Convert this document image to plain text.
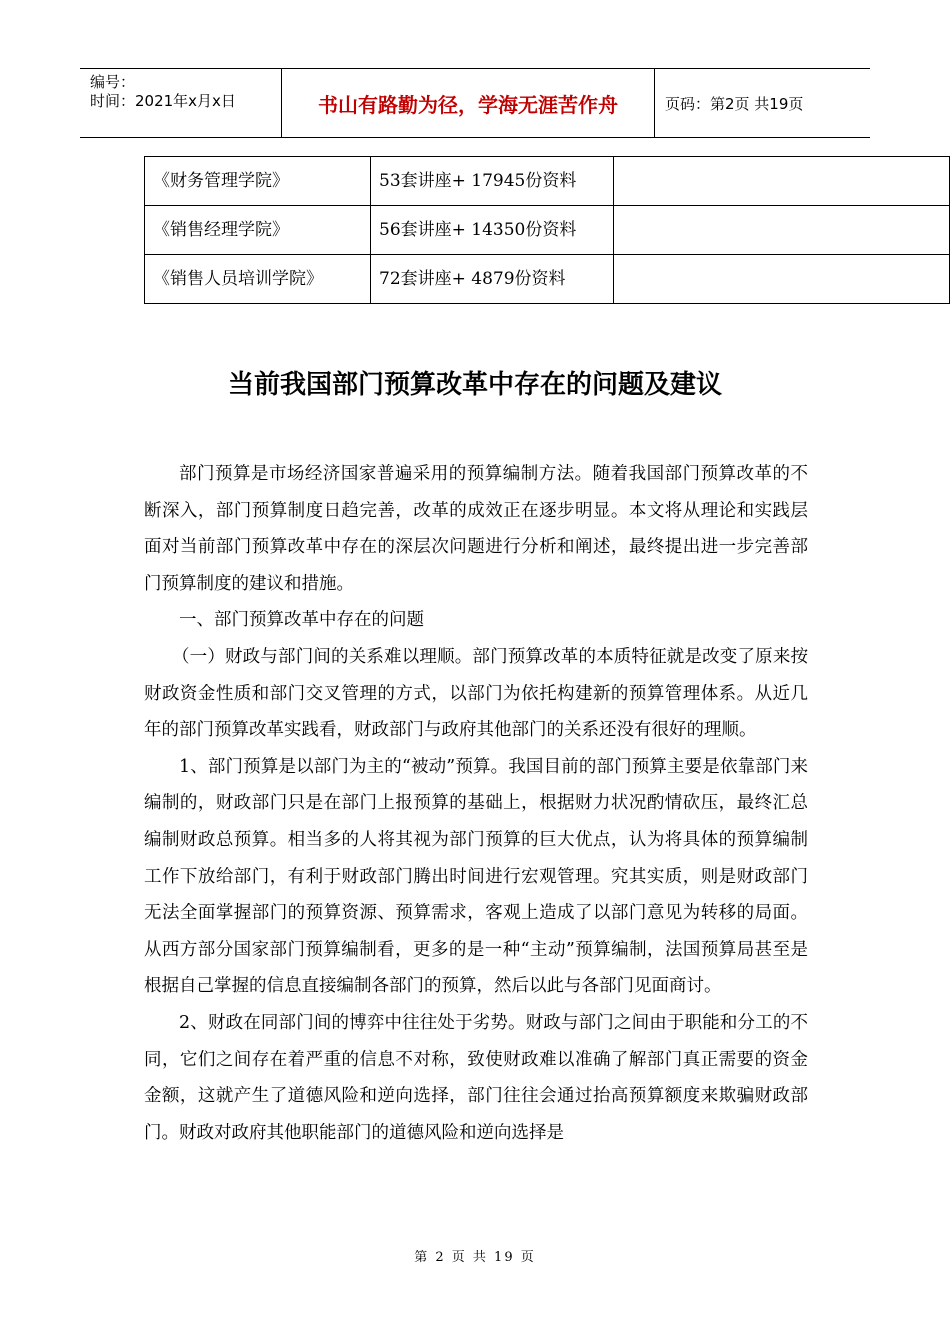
编号：
时间：2021年x月x日	书山有路勤为径，学海无涯苦作舟	页码：第2页 共19页
《财务管理学院》	53套讲座+ 17945份资料	
《销售经理学院》	56套讲座+ 14350份资料	
《销售人员培训学院》	72套讲座+ 4879份资料	
当前我国部门预算改革中存在的问题及建议

部门预算是市场经济国家普遍采用的预算编制方法。随着我国部门预算改革的不断深入，部门预算制度日趋完善，改革的成效正在逐步明显。本文将从理论和实践层面对当前部门预算改革中存在的深层次问题进行分析和阐述，最终提出进一步完善部门预算制度的建议和措施。

一、部门预算改革中存在的问题

（一）财政与部门间的关系难以理顺。部门预算改革的本质特征就是改变了原来按财政资金性质和部门交叉管理的方式，以部门为依托构建新的预算管理体系。从近几年的部门预算改革实践看，财政部门与政府其他部门的关系还没有很好的理顺。

1、部门预算是以部门为主的“被动”预算。我国目前的部门预算主要是依靠部门来编制的，财政部门只是在部门上报预算的基础上，根据财力状况酌情砍压，最终汇总编制财政总预算。相当多的人将其视为部门预算的巨大优点，认为将具体的预算编制工作下放给部门，有利于财政部门腾出时间进行宏观管理。究其实质，则是财政部门无法全面掌握部门的预算资源、预算需求，客观上造成了以部门意见为转移的局面。从西方部分国家部门预算编制看，更多的是一种“主动”预算编制，法国预算局甚至是根据自己掌握的信息直接编制各部门的预算，然后以此与各部门见面商讨。

2、财政在同部门间的博弈中往往处于劣势。财政与部门之间由于职能和分工的不同，它们之间存在着严重的信息不对称，致使财政难以准确了解部门真正需要的资金金额，这就产生了道德风险和逆向选择，部门往往会通过抬高预算额度来欺骗财政部门。财政对政府其他职能部门的道德风险和逆向选择是

第 2 页 共 19 页
